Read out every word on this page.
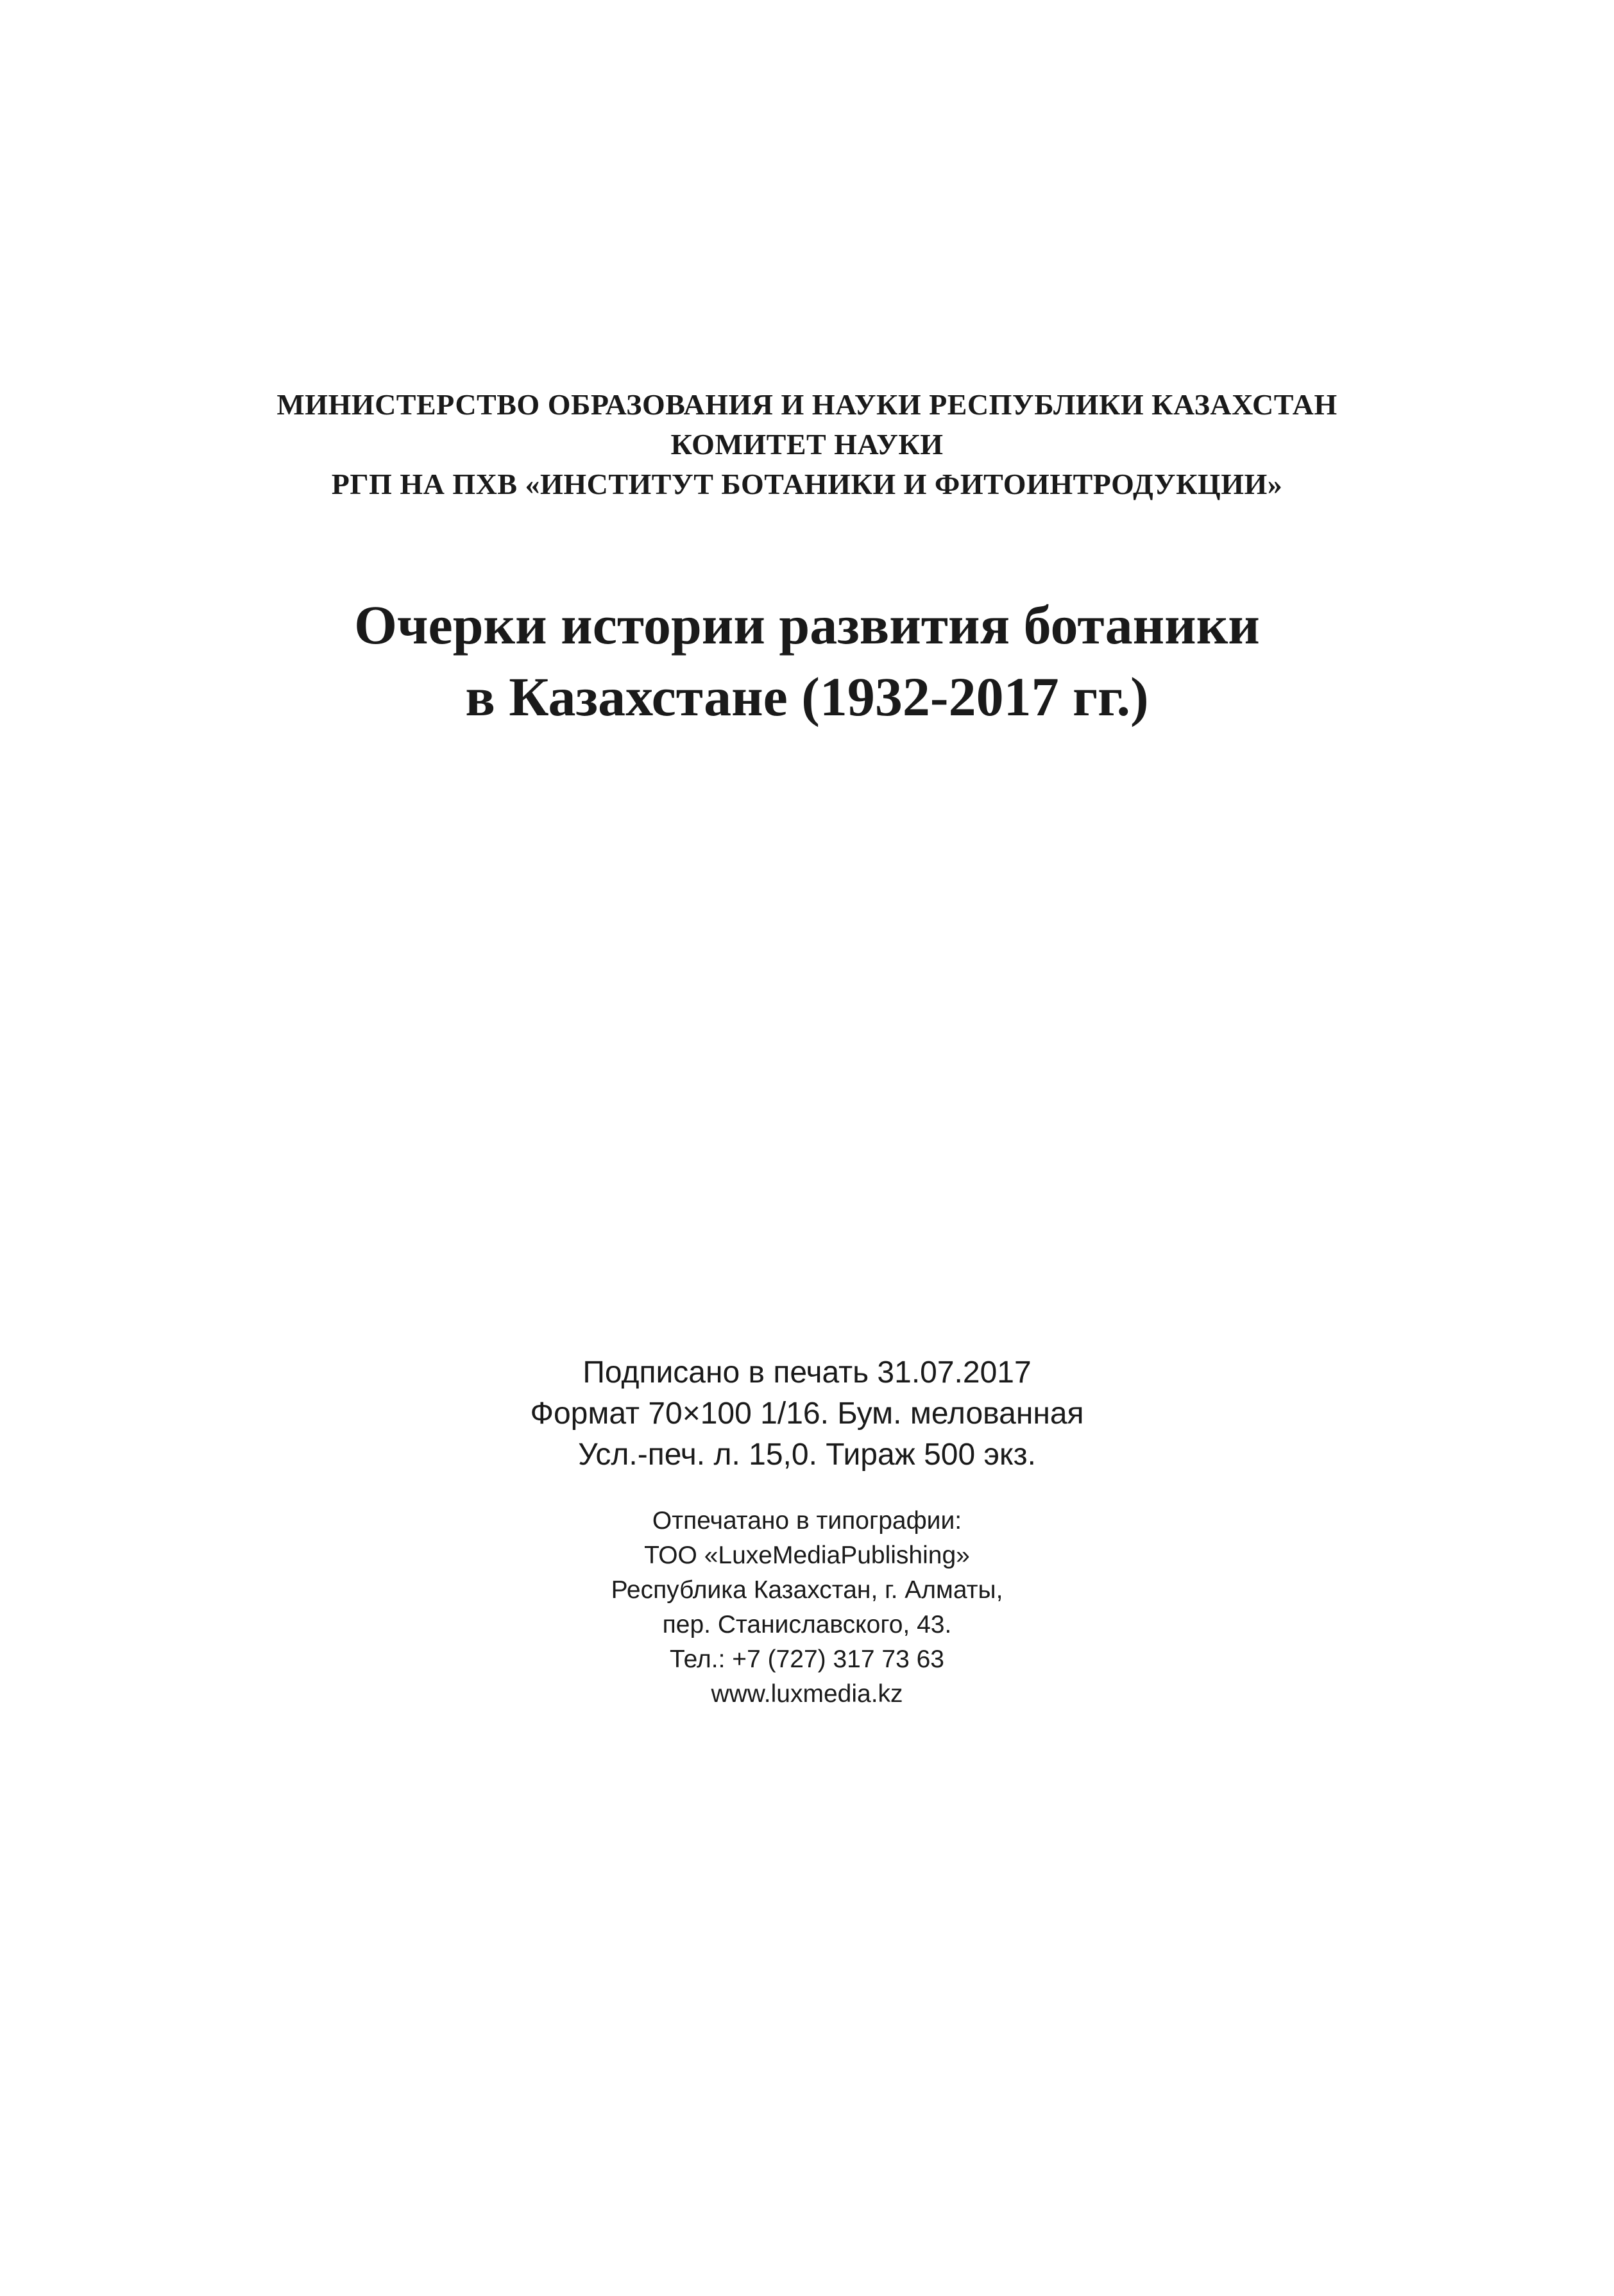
МИНИСТЕРСТВО ОБРАЗОВАНИЯ И НАУКИ РЕСПУБЛИКИ КАЗАХСТАН
КОМИТЕТ НАУКИ
РГП НА ПХВ «ИНСТИТУТ БОТАНИКИ И ФИТОИНТРОДУКЦИИ»
Очерки истории развития ботаники
в Казахстане (1932-2017 гг.)
Подписано в печать 31.07.2017
Формат 70×100 1/16. Бум. мелованная
Усл.-печ. л. 15,0. Тираж 500 экз.
Отпечатано в типографии:
ТОО «LuxeMediaPublishing»
Республика Казахстан, г. Алматы,
пер. Станиславского, 43.
Тел.: +7 (727) 317 73 63
www.luxmedia.kz
